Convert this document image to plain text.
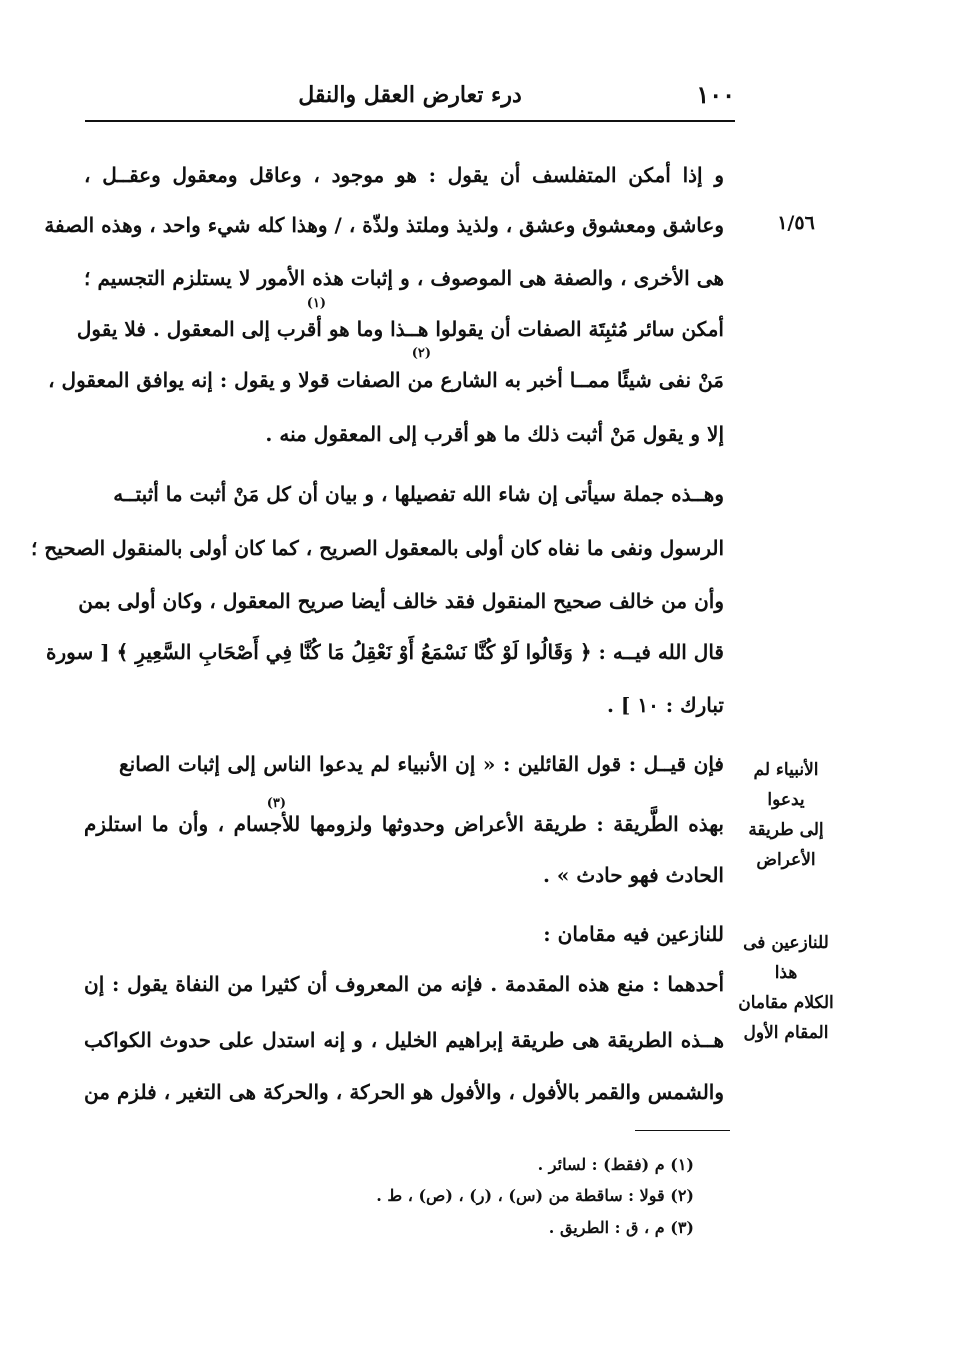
١٠٠
درء تعارض العقل والنقل
١/٥٦
(١)
(٢)
(٣)
و إذا أمكن المتفلسف أن يقول : هو موجود ، وعاقل ومعقول وعقــل ،
وعاشق ومعشوق وعشق ، ولذيذ وملتذ ولذّة ، / وهذا كله شيء واحد ، وهذه الصفة
هى الأخرى ، والصفة هى الموصوف ، و إثبات هذه الأمور لا يستلزم التجسيم ؛
أمكن سائر مُثبِتَة الصفات أن يقولوا هــذا وما هو أقرب إلى المعقول . فلا يقول
مَنْ نفى شيئًا ممــا أخبر به الشارع من الصفات قولا و يقول : إنه يوافق المعقول ،
إلا و يقول مَنْ أثبت ذلك ما هو أقرب إلى المعقول منه .
وهــذه جملة سيأتى إن شاء الله تفصيلها ، و بيان أن كل مَنْ أثبت ما أثبتــه
الرسول ونفى ما نفاه كان أولى بالمعقول الصريح ، كما كان أولى بالمنقول الصحيح ؛
وأن من خالف صحيح المنقول فقد خالف أيضا صريح المعقول ، وكان أولى بمن
قال الله فيــه : ﴿ وَقَالُوا لَوْ كُنَّا نَسْمَعُ أَوْ نَعْقِلُ مَا كُنَّا فِي أَصْحَابِ السَّعِيرِ ﴾ [ سورة
تبارك : ١٠ ] .
الأنبياء لم يدعوا
إلى طريقة
الأعراض
فإن قيــل : قول القائلين : « إن الأنبياء لم يدعوا الناس إلى إثبات الصانع
بهذه الطَّريقة : طريقة الأعراض وحدوثها ولزومها للأجسام ، وأن ما استلزم
الحادث فهو حادث » .
للنازعين فى هذا
الكلام مقامان
المقام الأول
للنازعين فيه مقامان :
أحدهما : منع هذه المقدمة . فإنه من المعروف أن كثيرا من النفاة يقول : إن
هــذه الطريقة هى طريقة إبراهيم الخليل ، و إنه استدل على حدوث الكواكب
والشمس والقمر بالأفول ، والأفول هو الحركة ، والحركة هى التغير ، فلزم من
(١) م (فقط) : لسائر .
(٢) قولا : ساقطة من (س) ، (ر) ، (ص) ، ط .
(٣) م ، ق : الطريق .
